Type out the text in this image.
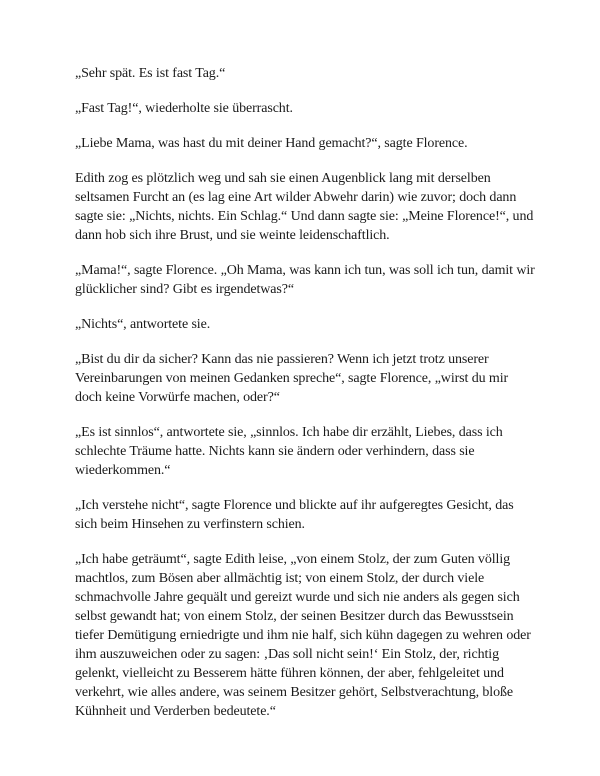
„Sehr spät. Es ist fast Tag.“

„Fast Tag!“, wiederholte sie überrascht.

„Liebe Mama, was hast du mit deiner Hand gemacht?“, sagte Florence.

Edith zog es plötzlich weg und sah sie einen Augenblick lang mit derselben seltsamen Furcht an (es lag eine Art wilder Abwehr darin) wie zuvor; doch dann sagte sie: „Nichts, nichts. Ein Schlag.“ Und dann sagte sie: „Meine Florence!“, und dann hob sich ihre Brust, und sie weinte leidenschaftlich.

„Mama!“, sagte Florence. „Oh Mama, was kann ich tun, was soll ich tun, damit wir glücklicher sind? Gibt es irgendetwas?“

„Nichts“, antwortete sie.

„Bist du dir da sicher? Kann das nie passieren? Wenn ich jetzt trotz unserer Vereinbarungen von meinen Gedanken spreche“, sagte Florence, „wirst du mir doch keine Vorwürfe machen, oder?“

„Es ist sinnlos“, antwortete sie, „sinnlos. Ich habe dir erzählt, Liebes, dass ich schlechte Träume hatte. Nichts kann sie ändern oder verhindern, dass sie wiederkommen.“

„Ich verstehe nicht“, sagte Florence und blickte auf ihr aufgeregtes Gesicht, das sich beim Hinsehen zu verfinstern schien.

„Ich habe geträumt“, sagte Edith leise, „von einem Stolz, der zum Guten völlig machtlos, zum Bösen aber allmächtig ist; von einem Stolz, der durch viele schmachvolle Jahre gequält und gereizt wurde und sich nie anders als gegen sich selbst gewandt hat; von einem Stolz, der seinen Besitzer durch das Bewusstsein tiefer Demütigung erniedrigte und ihm nie half, sich kühn dagegen zu wehren oder ihm auszuweichen oder zu sagen: ‚Das soll nicht sein!‘ Ein Stolz, der, richtig gelenkt, vielleicht zu Besserem hätte führen können, der aber, fehlgeleitet und verkehrt, wie alles andere, was seinem Besitzer gehört, Selbstverachtung, bloße Kühnheit und Verderben bedeutete.“
